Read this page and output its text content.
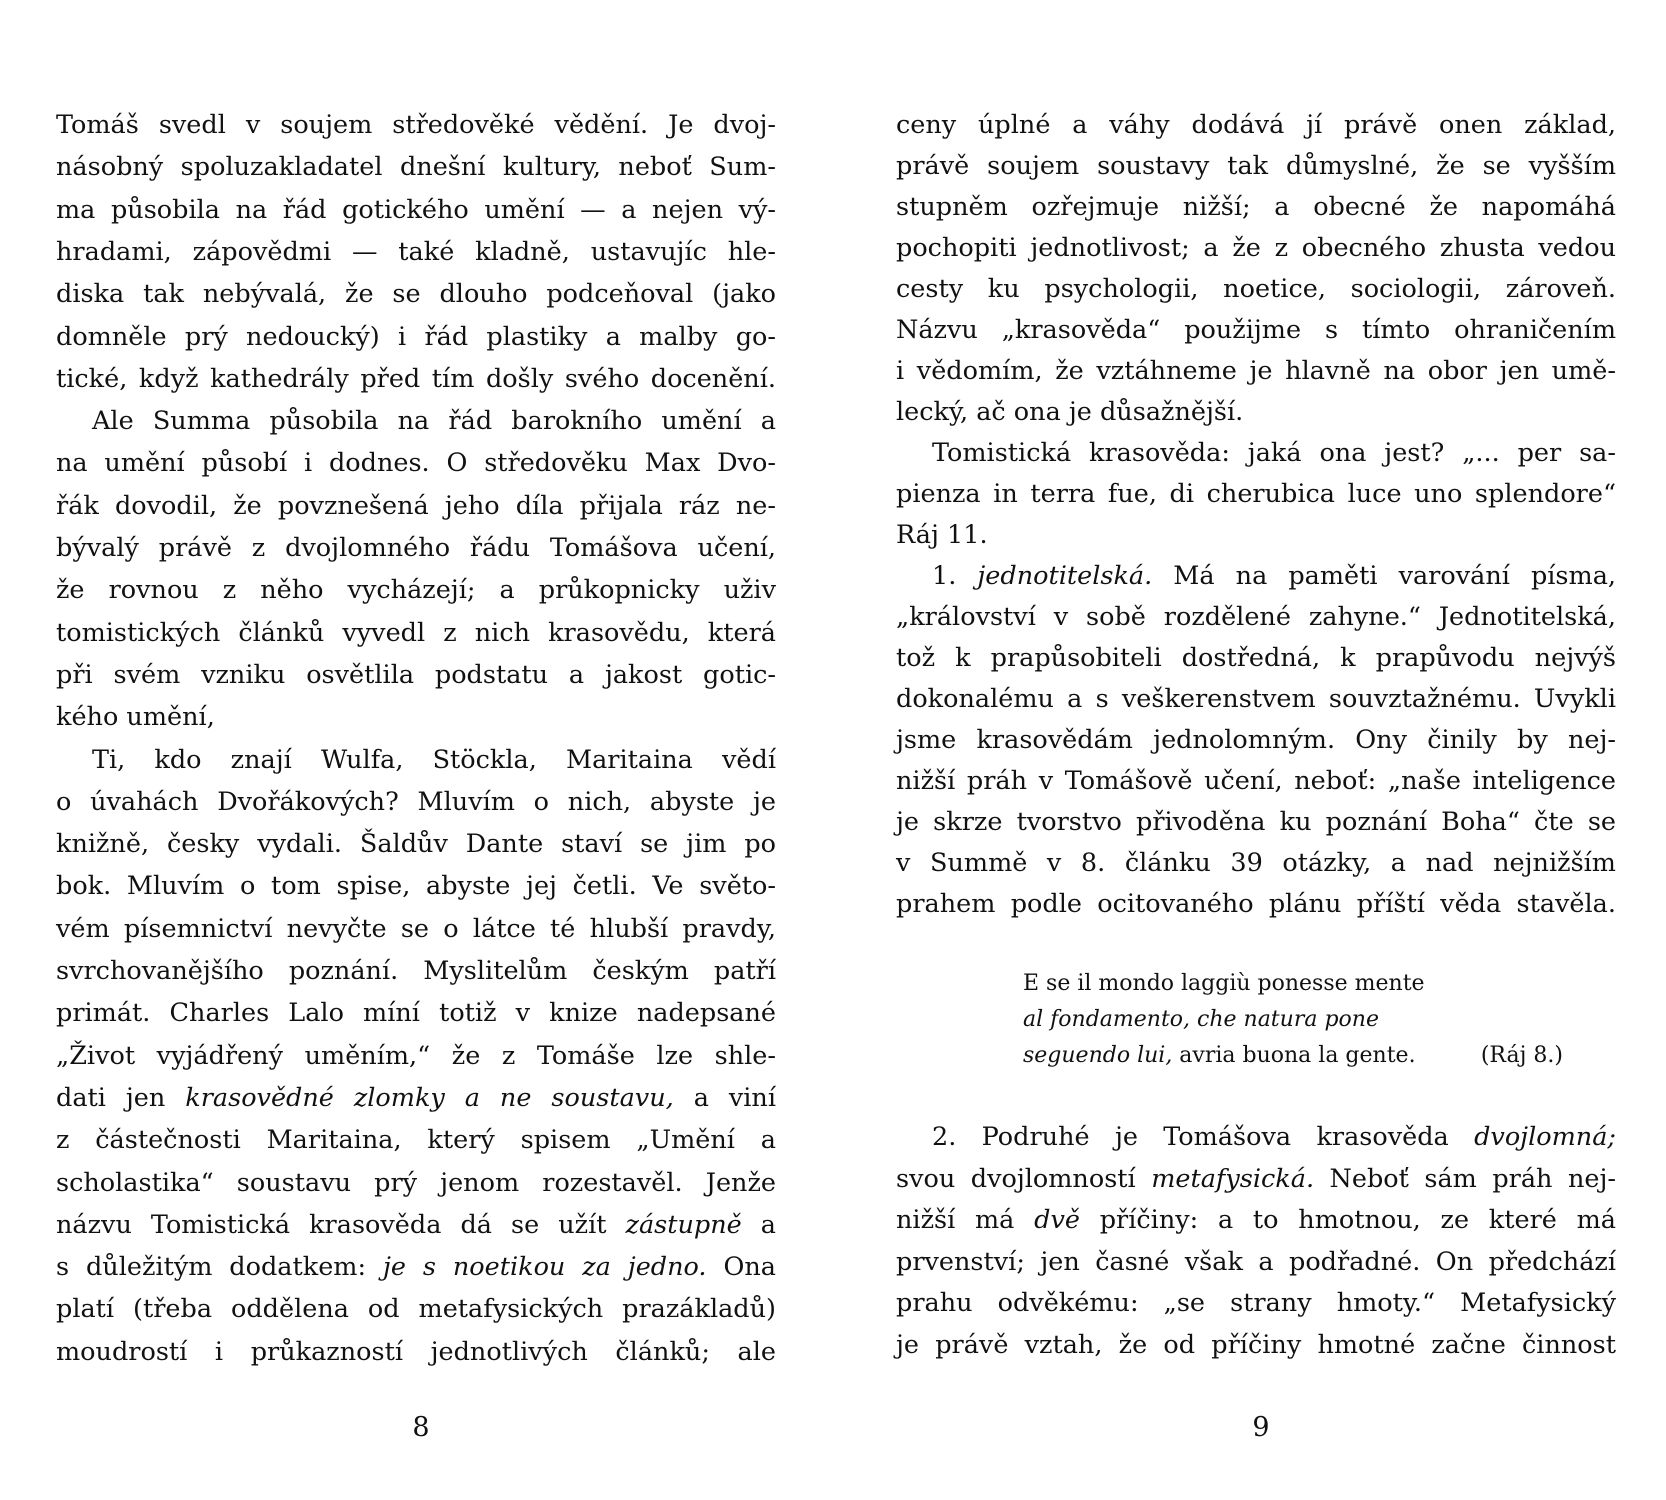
Tomáš svedl v soujem středověké vědění. Je dvoj-
násobný spoluzakladatel dnešní kultury, neboť Sum-
ma působila na řád gotického umění — a nejen vý-
hradami, zápovědmi — také kladně, ustavujíc hle-
diska tak nebývalá, že se dlouho podceňoval (jako
domněle prý nedoucký) i řád plastiky a malby go-
tické, když kathedrály před tím došly svého docenění.
Ale Summa působila na řád barokního umění a
na umění působí i dodnes. O středověku Max Dvo-
řák dovodil, že povznešená jeho díla přijala ráz ne-
bývalý právě z dvojlomného řádu Tomášova učení,
že rovnou z něho vycházejí; a průkopnicky uživ
tomistických článků vyvedl z nich krasovědu, která
při svém vzniku osvětlila podstatu a jakost gotic-
kého umění,
Ti, kdo znají Wulfa, Stöckla, Maritaina vědí
o úvahách Dvořákových? Mluvím o nich, abyste je
knižně, česky vydali. Šaldův Dante staví se jim po
bok. Mluvím o tom spise, abyste jej četli. Ve světo-
vém písemnictví nevyčte se o látce té hlubší pravdy,
svrchovanějšího poznání. Myslitelům českým patří
primát. Charles Lalo míní totiž v knize nadepsané
„Život vyjádřený uměním,“ že z Tomáše lze shle-
dati jen krasovědné zlomky a ne soustavu, a viní
z částečnosti Maritaina, který spisem „Umění a
scholastika“ soustavu prý jenom rozestavěl. Jenže
názvu Tomistická krasověda dá se užít zástupně a
s důležitým dodatkem: je s noetikou za jedno. Ona
platí (třeba oddělena od metafysických prazákladů)
moudrostí i průkazností jednotlivých článků; ale
ceny úplné a váhy dodává jí právě onen základ,
právě soujem soustavy tak důmyslné, že se vyšším
stupněm ozřejmuje nižší; a obecné že napomáhá
pochopiti jednotlivost; a že z obecného zhusta vedou
cesty ku psychologii, noetice, sociologii, zároveň.
Názvu „krasověda“ použijme s tímto ohraničením
i vědomím, že vztáhneme je hlavně na obor jen umě-
lecký, ač ona je důsažnější.
Tomistická krasověda: jaká ona jest? „... per sa-
pienza in terra fue, di cherubica luce uno splendore“
Ráj 11.
1. jednotitelská. Má na paměti varování písma,
„království v sobě rozdělené zahyne.“ Jednotitelská,
tož k prapůsobiteli dostředná, k prapůvodu nejvýš
dokonalému a s veškerenstvem souvztažnému. Uvykli
jsme krasovědám jednolomným. Ony činily by nej-
nižší práh v Tomášově učení, neboť: „naše inteligence
je skrze tvorstvo přivoděna ku poznání Boha“ čte se
v Summě v 8. článku 39 otázky, a nad nejnižším
prahem podle ocitovaného plánu příští věda stavěla.
2. Podruhé je Tomášova krasověda dvojlomná;
svou dvojlomností metafysická. Neboť sám práh nej-
nižší má dvě příčiny: a to hmotnou, ze které má
prvenství; jen časné však a podřadné. On předchází
prahu odvěkému: „se strany hmoty.“ Metafysický
je právě vztah, že od příčiny hmotné začne činnost
E se il mondo laggiù ponesse mente
al fondamento, che natura pone
seguendo lui, avria buona la gente.	(Ráj 8.)
8	9
